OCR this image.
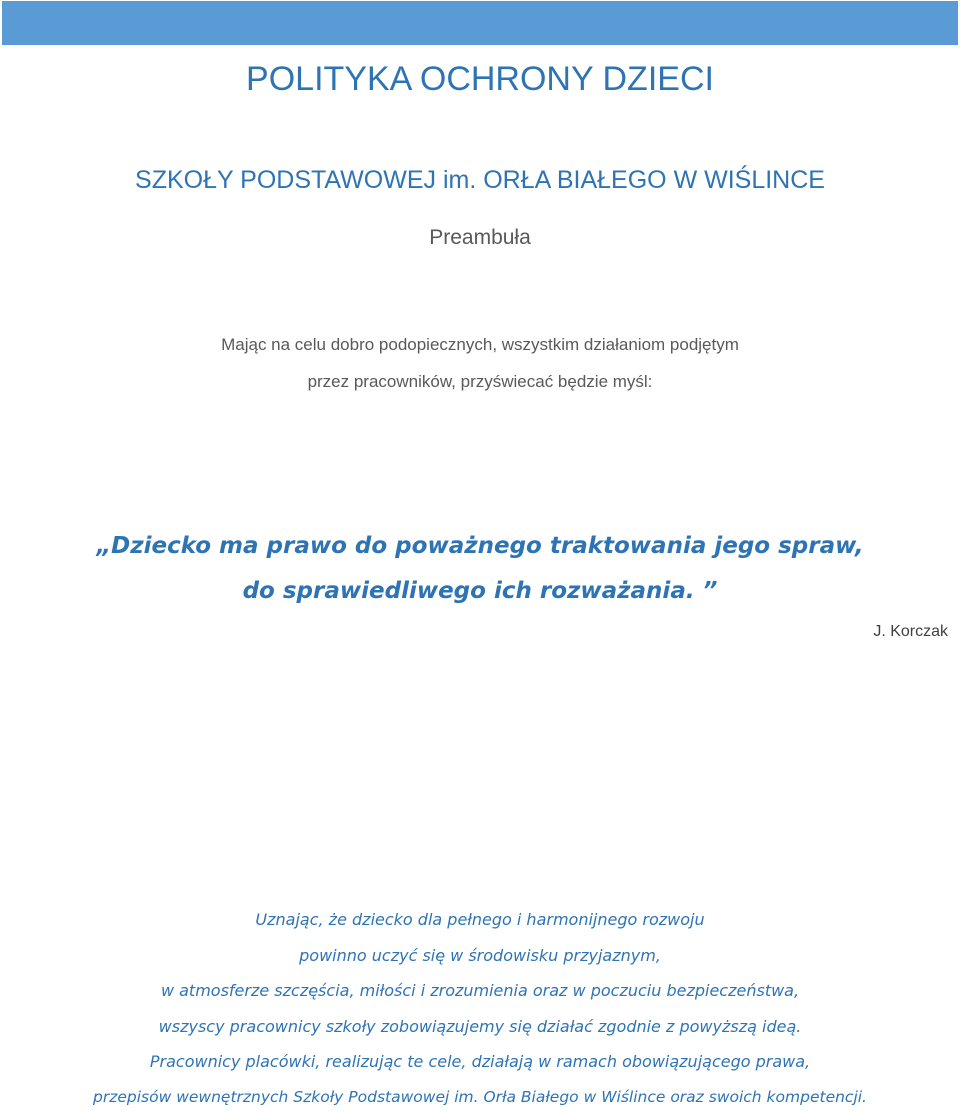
POLITYKA OCHRONY DZIECI
SZKOŁY PODSTAWOWEJ im. ORŁA BIAŁEGO W WIŚLINCE
Preambuła
Mając na celu dobro podopiecznych, wszystkim działaniom podjętym
przez pracowników, przyświecać będzie myśl:
„Dziecko ma prawo do poważnego traktowania jego spraw,
do sprawiedliwego ich rozważania. ”
J. Korczak
Uznając, że dziecko dla pełnego i harmonijnego rozwoju
powinno uczyć się w środowisku przyjaznym,
w atmosferze szczęścia, miłości i zrozumienia oraz w poczuciu bezpieczeństwa,
wszyscy pracownicy szkoły zobowiązujemy się działać zgodnie z powyższą ideą.
Pracownicy placówki, realizując te cele, działają w ramach obowiązującego prawa,
przepisów wewnętrznych Szkoły Podstawowej im. Orła Białego w Wiślince oraz swoich kompetencji.
